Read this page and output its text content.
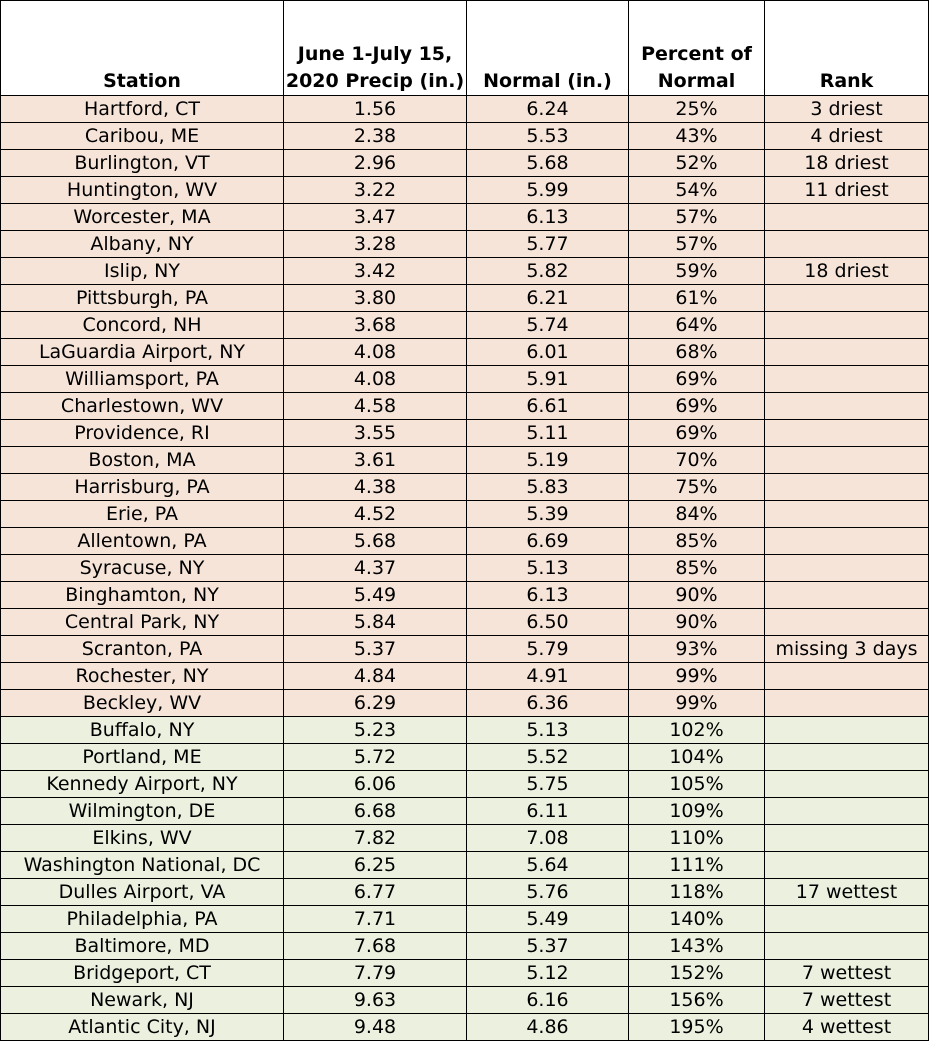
Station	June 1-July 15, 2020 Precip (in.)	Normal (in.)	Percent of Normal	Rank

Hartford, CT	1.56	6.24	25%	3 driest
Caribou, ME	2.38	5.53	43%	4 driest
Burlington, VT	2.96	5.68	52%	18 driest
Huntington, WV	3.22	5.99	54%	11 driest
Worcester, MA	3.47	6.13	57%	
Albany, NY	3.28	5.77	57%	
Islip, NY	3.42	5.82	59%	18 driest
Pittsburgh, PA	3.80	6.21	61%	
Concord, NH	3.68	5.74	64%	
LaGuardia Airport, NY	4.08	6.01	68%	
Williamsport, PA	4.08	5.91	69%	
Charlestown, WV	4.58	6.61	69%	
Providence, RI	3.55	5.11	69%	
Boston, MA	3.61	5.19	70%	
Harrisburg, PA	4.38	5.83	75%	
Erie, PA	4.52	5.39	84%	
Allentown, PA	5.68	6.69	85%	
Syracuse, NY	4.37	5.13	85%	
Binghamton, NY	5.49	6.13	90%	
Central Park, NY	5.84	6.50	90%	
Scranton, PA	5.37	5.79	93%	missing 3 days
Rochester, NY	4.84	4.91	99%	
Beckley, WV	6.29	6.36	99%	
Buffalo, NY	5.23	5.13	102%	
Portland, ME	5.72	5.52	104%	
Kennedy Airport, NY	6.06	5.75	105%	
Wilmington, DE	6.68	6.11	109%	
Elkins, WV	7.82	7.08	110%	
Washington National, DC	6.25	5.64	111%	
Dulles Airport, VA	6.77	5.76	118%	17 wettest
Philadelphia, PA	7.71	5.49	140%	
Baltimore, MD	7.68	5.37	143%	
Bridgeport, CT	7.79	5.12	152%	7 wettest
Newark, NJ	9.63	6.16	156%	7 wettest
Atlantic City, NJ	9.48	4.86	195%	4 wettest
